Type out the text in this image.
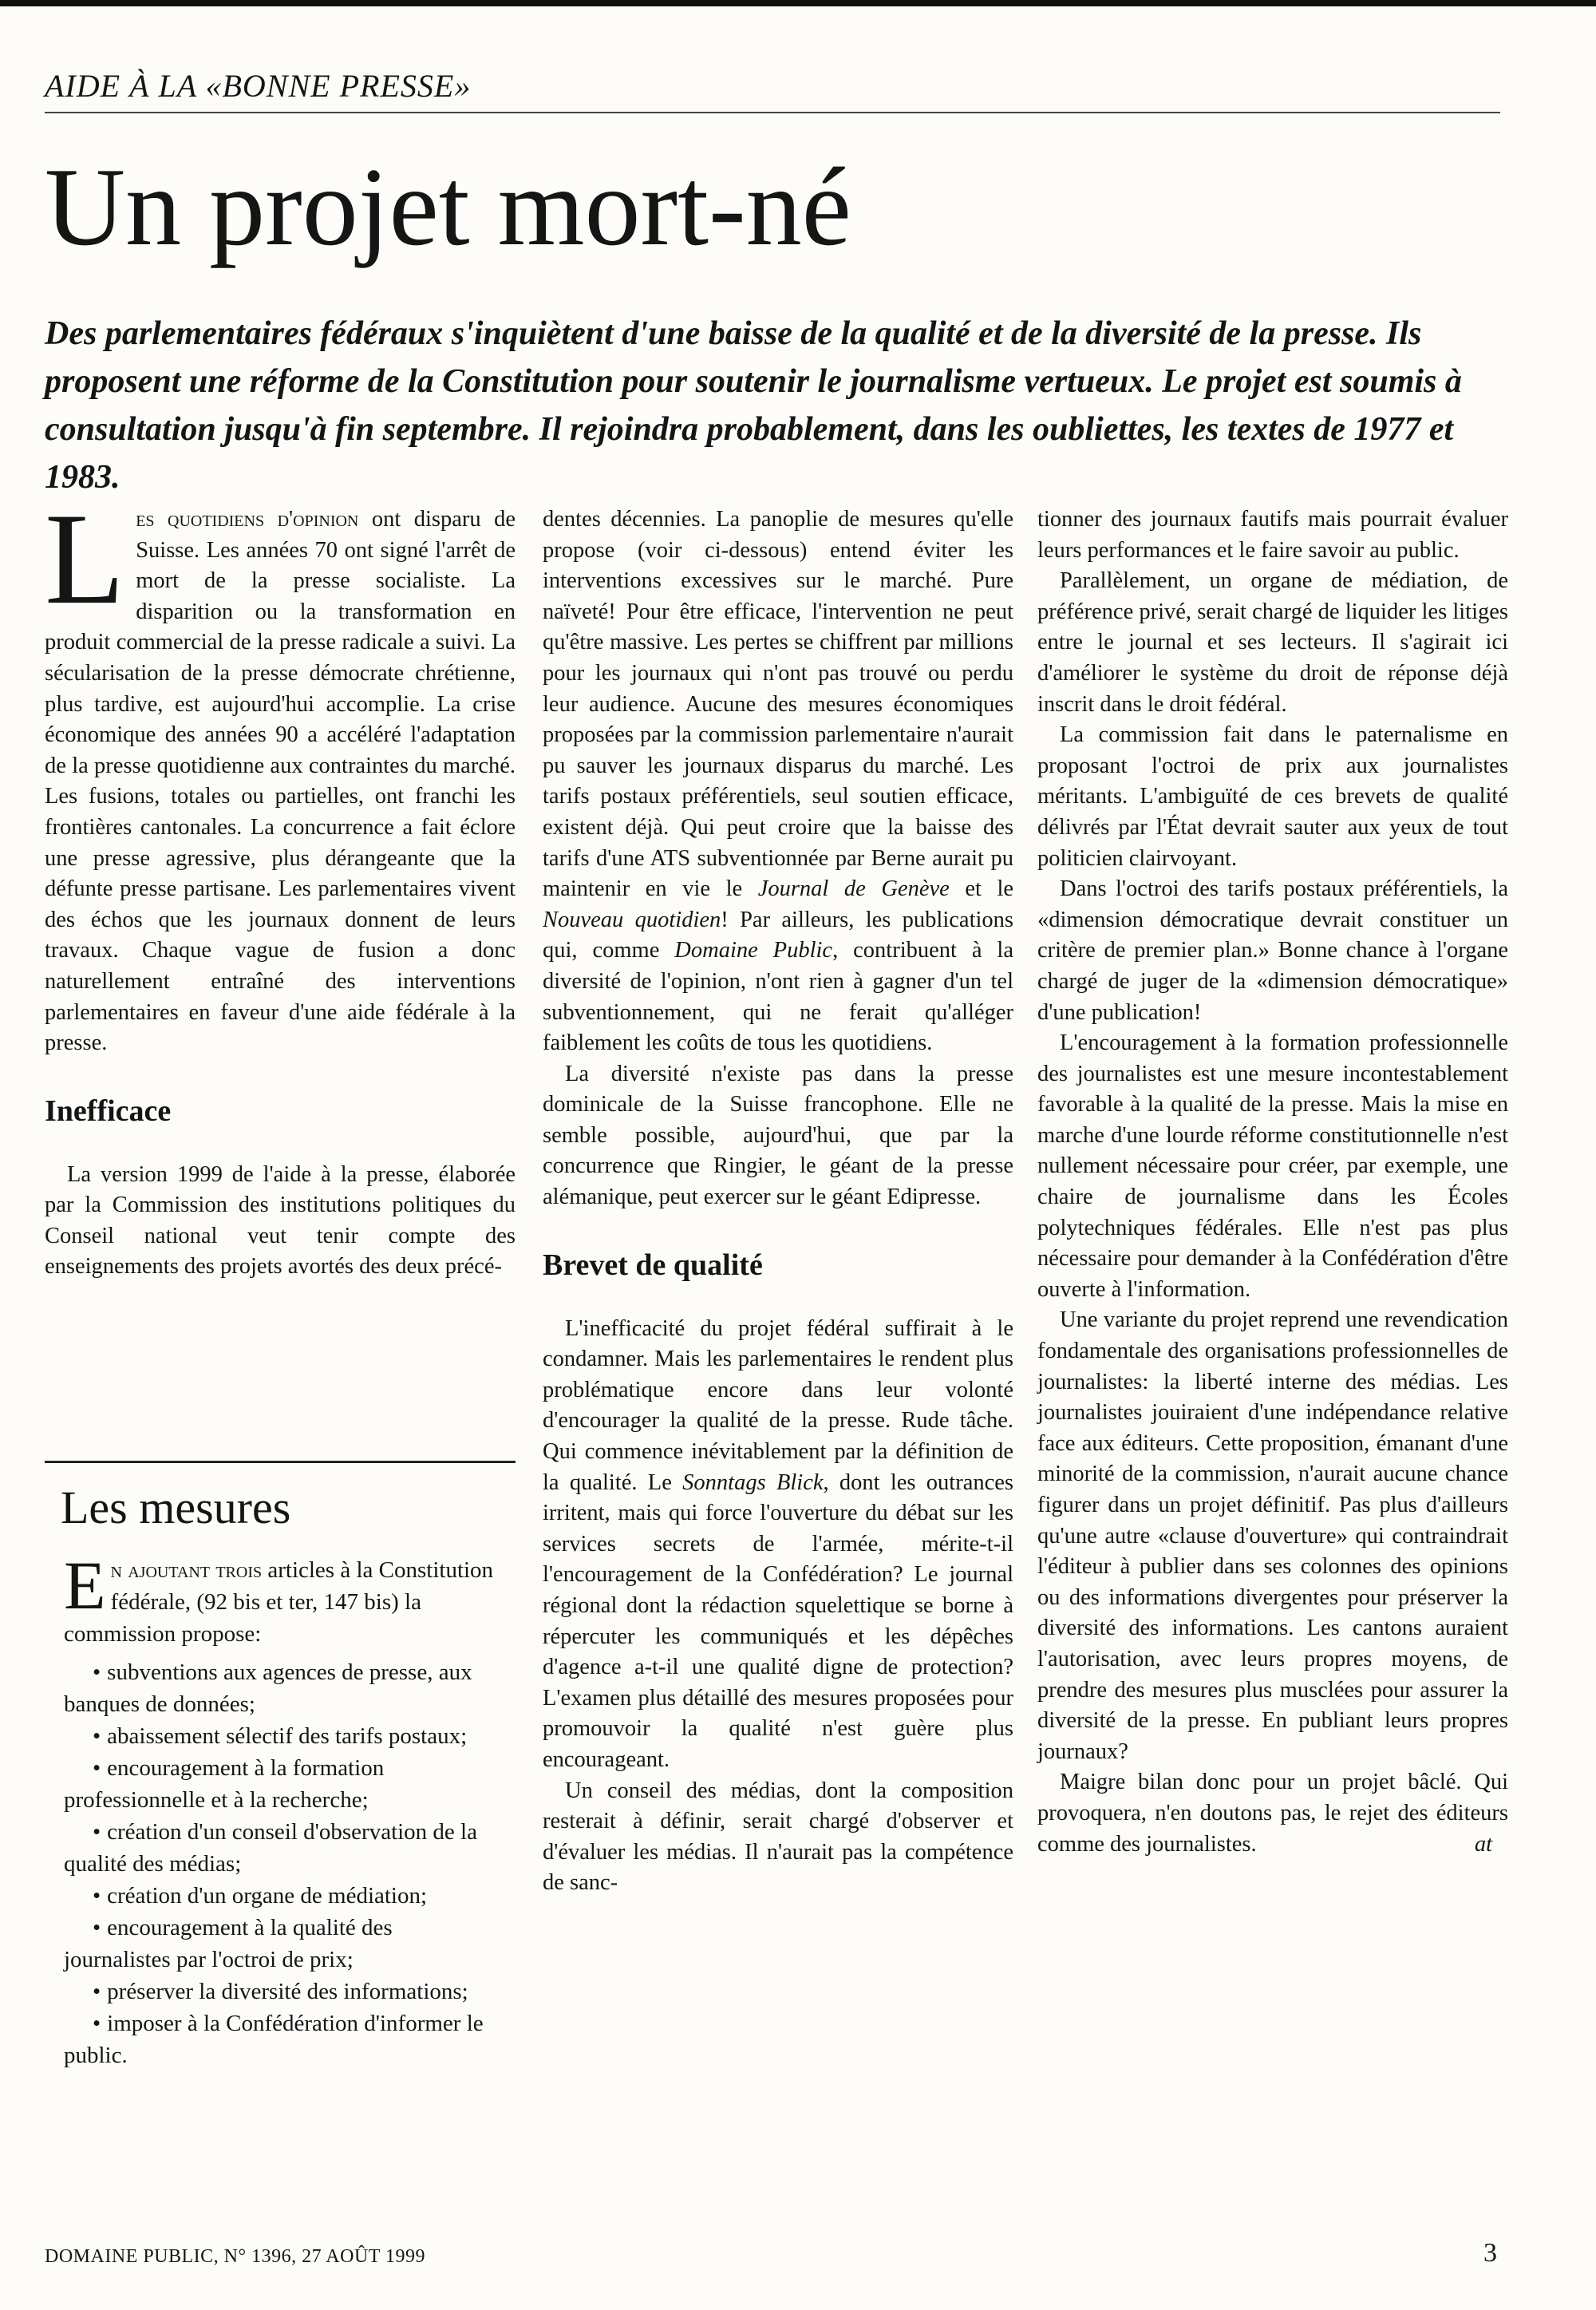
AIDE À LA «BONNE PRESSE»
Un projet mort-né

Des parlementaires fédéraux s'inquiètent d'une baisse de la qualité et de la diversité de la presse. Ils proposent une réforme de la Constitution pour soutenir le journalisme vertueux. Le projet est soumis à consultation jusqu'à fin septembre. Il rejoindra probablement, dans les oubliettes, les textes de 1977 et 1983.

Les quotidiens d'opinion ont disparu de Suisse. Les années 70 ont signé l'arrêt de mort de la presse socialiste. La disparition ou la transformation en produit commercial de la presse radicale a suivi. La sécularisation de la presse démocrate chrétienne, plus tardive, est aujourd'hui accomplie. La crise économique des années 90 a accéléré l'adaptation de la presse quotidienne aux contraintes du marché. Les fusions, totales ou partielles, ont franchi les frontières cantonales. La concurrence a fait éclore une presse agressive, plus dérangeante que la défunte presse partisane. Les parlementaires vivent des échos que les journaux donnent de leurs travaux. Chaque vague de fusion a donc naturellement entraîné des interventions parlementaires en faveur d'une aide fédérale à la presse.

Inefficace

La version 1999 de l'aide à la presse, élaborée par la Commission des institutions politiques du Conseil national veut tenir compte des enseignements des projets avortés des deux précé-

Les mesures

En ajoutant trois articles à la Constitution fédérale, (92 bis et ter, 147 bis) la commission propose:

• subventions aux agences de presse, aux banques de données;
• abaissement sélectif des tarifs postaux;
• encouragement à la formation professionnelle et à la recherche;
• création d'un conseil d'observation de la qualité des médias;
• création d'un organe de médiation;
• encouragement à la qualité des journalistes par l'octroi de prix;
• préserver la diversité des informations;
• imposer à la Confédération d'informer le public.

dentes décennies. La panoplie de mesures qu'elle propose (voir ci-dessous) entend éviter les interventions excessives sur le marché. Pure naïveté! Pour être efficace, l'intervention ne peut qu'être massive. Les pertes se chiffrent par millions pour les journaux qui n'ont pas trouvé ou perdu leur audience. Aucune des mesures économiques proposées par la commission parlementaire n'aurait pu sauver les journaux disparus du marché. Les tarifs postaux préférentiels, seul soutien efficace, existent déjà. Qui peut croire que la baisse des tarifs d'une ATS subventionnée par Berne aurait pu maintenir en vie le Journal de Genève et le Nouveau quotidien! Par ailleurs, les publications qui, comme Domaine Public, contribuent à la diversité de l'opinion, n'ont rien à gagner d'un tel subventionnement, qui ne ferait qu'alléger faiblement les coûts de tous les quotidiens.

La diversité n'existe pas dans la presse dominicale de la Suisse francophone. Elle ne semble possible, aujourd'hui, que par la concurrence que Ringier, le géant de la presse alémanique, peut exercer sur le géant Edipresse.

Brevet de qualité

L'inefficacité du projet fédéral suffirait à le condamner. Mais les parlementaires le rendent plus problématique encore dans leur volonté d'encourager la qualité de la presse. Rude tâche. Qui commence inévitablement par la définition de la qualité. Le Sonntags Blick, dont les outrances irritent, mais qui force l'ouverture du débat sur les services secrets de l'armée, mérite-t-il l'encouragement de la Confédération? Le journal régional dont la rédaction squelettique se borne à répercuter les communiqués et les dépêches d'agence a-t-il une qualité digne de protection? L'examen plus détaillé des mesures proposées pour promouvoir la qualité n'est guère plus encourageant.

Un conseil des médias, dont la composition resterait à définir, serait chargé d'observer et d'évaluer les médias. Il n'aurait pas la compétence de sanc-

tionner des journaux fautifs mais pourrait évaluer leurs performances et le faire savoir au public.

Parallèlement, un organe de médiation, de préférence privé, serait chargé de liquider les litiges entre le journal et ses lecteurs. Il s'agirait ici d'améliorer le système du droit de réponse déjà inscrit dans le droit fédéral.

La commission fait dans le paternalisme en proposant l'octroi de prix aux journalistes méritants. L'ambiguïté de ces brevets de qualité délivrés par l'État devrait sauter aux yeux de tout politicien clairvoyant.

Dans l'octroi des tarifs postaux préférentiels, la «dimension démocratique devrait constituer un critère de premier plan.» Bonne chance à l'organe chargé de juger de la «dimension démocratique» d'une publication!

L'encouragement à la formation professionnelle des journalistes est une mesure incontestablement favorable à la qualité de la presse. Mais la mise en marche d'une lourde réforme constitutionnelle n'est nullement nécessaire pour créer, par exemple, une chaire de journalisme dans les Écoles polytechniques fédérales. Elle n'est pas plus nécessaire pour demander à la Confédération d'être ouverte à l'information.

Une variante du projet reprend une revendication fondamentale des organisations professionnelles de journalistes: la liberté interne des médias. Les journalistes jouiraient d'une indépendance relative face aux éditeurs. Cette proposition, émanant d'une minorité de la commission, n'aurait aucune chance figurer dans un projet définitif. Pas plus d'ailleurs qu'une autre «clause d'ouverture» qui contraindrait l'éditeur à publier dans ses colonnes des opinions ou des informations divergentes pour préserver la diversité des informations. Les cantons auraient l'autorisation, avec leurs propres moyens, de prendre des mesures plus musclées pour assurer la diversité de la presse. En publiant leurs propres journaux?

Maigre bilan donc pour un projet bâclé. Qui provoquera, n'en doutons pas, le rejet des éditeurs comme des journalistes.	at

DOMAINE PUBLIC, N° 1396, 27 AOÛT 1999	3
